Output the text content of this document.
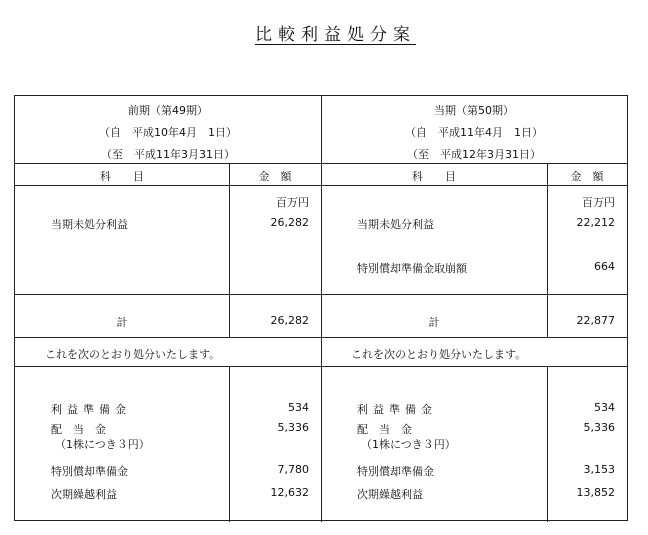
比較利益処分案
前期（第49期）
（自　平成10年4月　1日）
（至　平成11年3月31日）
科　　目	金　額
百万円
当期未処分利益	26,282
計	26,282
これを次のとおり処分いたします。
利益準備金	534
配　当　金	5,336
（1株につき３円）
特別償却準備金	7,780
次期繰越利益	12,632
当期（第50期）
（自　平成11年4月　1日）
（至　平成12年3月31日）
科　　目	金　額
百万円
当期未処分利益	22,212
特別償却準備金取崩額	664
計	22,877
これを次のとおり処分いたします。
利益準備金	534
配　当　金	5,336
（1株につき３円）
特別償却準備金	3,153
次期繰越利益	13,852
